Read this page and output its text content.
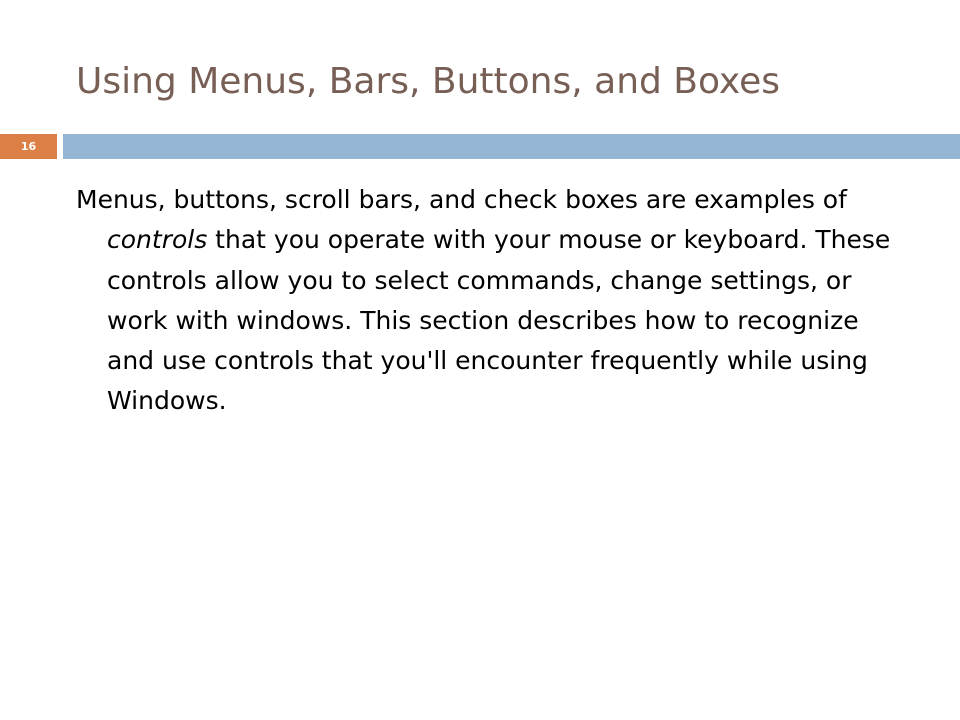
Using Menus, Bars, Buttons, and Boxes
16

Menus, buttons, scroll bars, and check boxes are examples of controls that you operate with your mouse or keyboard. These controls allow you to select commands, change settings, or work with windows. This section describes how to recognize and use controls that you'll encounter frequently while using Windows.
